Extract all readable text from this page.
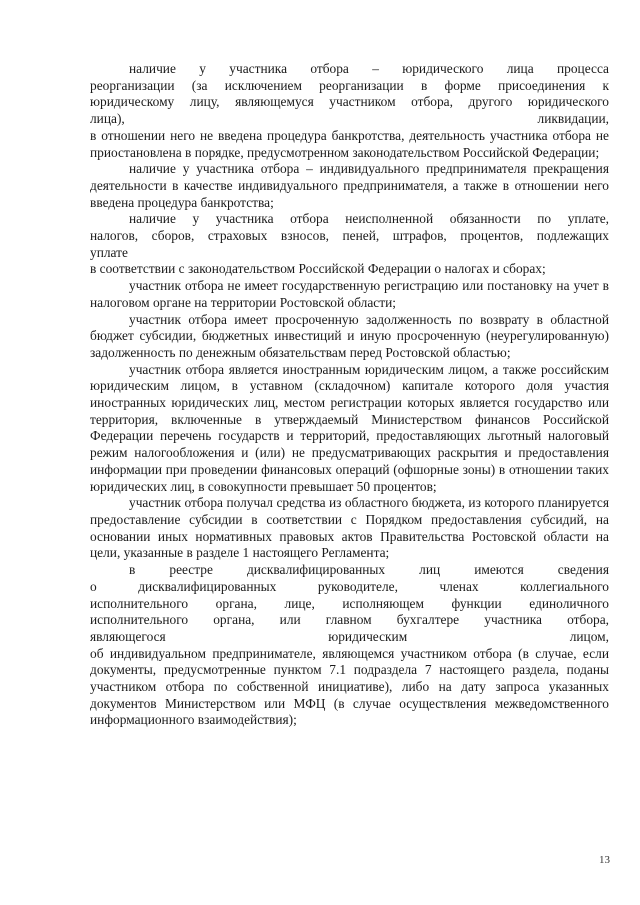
наличие у участника отбора – юридического лица процесса

реорганизации (за исключением реорганизации в форме присоединения к

юридическому лицу, являющемуся участником отбора, другого юридического

лица), ликвидации,

в отношении него не введена процедура банкротства, деятельность участника отбора не приостановлена в порядке, предусмотренном законодательством Российской Федерации;

наличие у участника отбора – индивидуального предпринимателя прекращения деятельности в качестве индивидуального предпринимателя, а также в отношении него введена процедура банкротства;

наличие у участника отбора неисполненной обязанности по уплате,

налогов, сборов, страховых взносов, пеней, штрафов, процентов, подлежащих

уплате

в соответствии с законодательством Российской Федерации о налогах и сборах;

участник отбора не имеет государственную регистрацию или постановку на учет в налоговом органе на территории Ростовской области;

участник отбора имеет просроченную задолженность по возврату в областной бюджет субсидии, бюджетных инвестиций и иную просроченную (неурегулированную) задолженность по денежным обязательствам перед Ростовской областью;

участник отбора является иностранным юридическим лицом, а также российским юридическим лицом, в уставном (складочном) капитале которого доля участия иностранных юридических лиц, местом регистрации которых является государство или территория, включенные в утверждаемый Министерством финансов Российской Федерации перечень государств и территорий, предоставляющих льготный налоговый режим налогообложения и (или) не предусматривающих раскрытия и предоставления информации при проведении финансовых операций (офшорные зоны) в отношении таких юридических лиц, в совокупности превышает 50 процентов;

участник отбора получал средства из областного бюджета, из которого планируется предоставление субсидии в соответствии с Порядком предоставления субсидий, на основании иных нормативных правовых актов Правительства Ростовской области на цели, указанные в разделе 1 настоящего Регламента;

в реестре дисквалифицированных лиц имеются сведения

о дисквалифицированных руководителе, членах коллегиального

исполнительного органа, лице, исполняющем функции единоличного

исполнительного органа, или главном бухгалтере участника отбора,

являющегося юридическим лицом,

об индивидуальном предпринимателе, являющемся участником отбора (в случае, если документы, предусмотренные пунктом 7.1 подраздела 7 настоящего раздела, поданы участником отбора по собственной инициативе), либо на дату запроса указанных документов Министерством или МФЦ (в случае осуществления межведомственного информационного взаимодействия);

13
